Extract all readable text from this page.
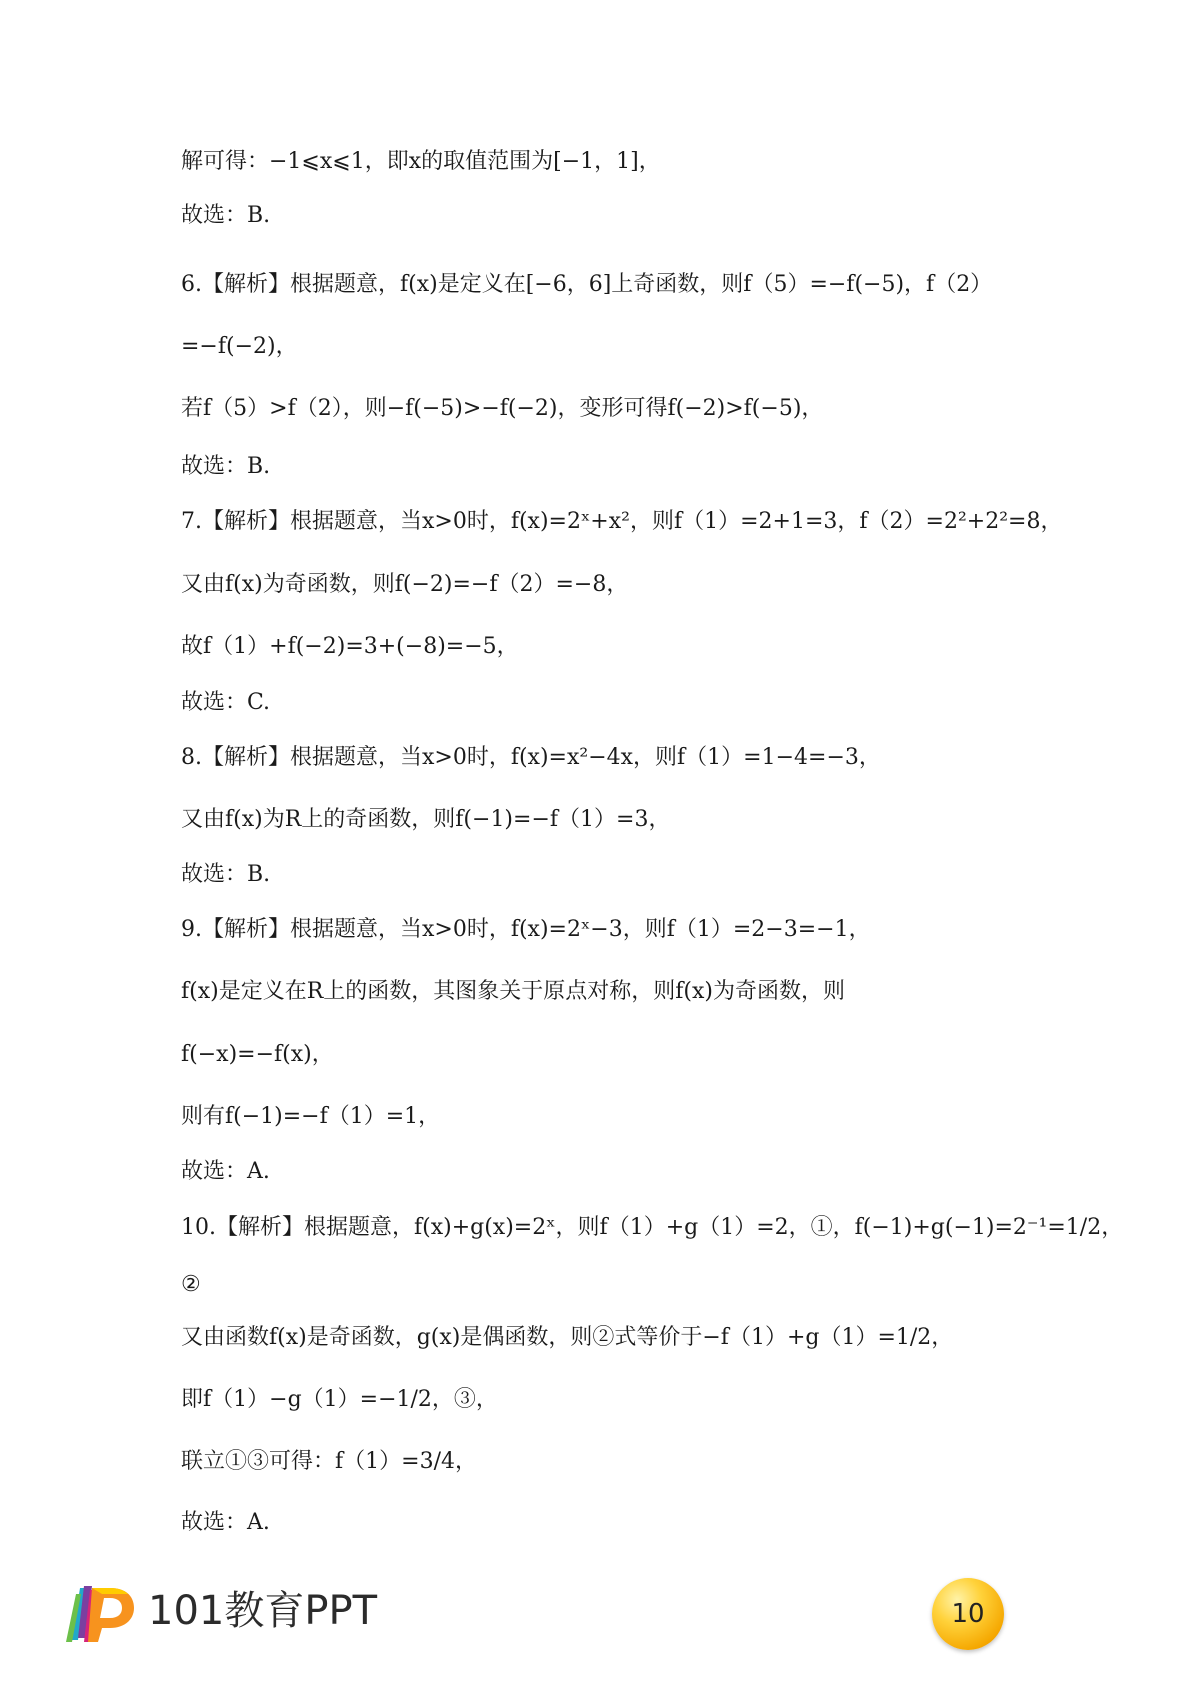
解可得：−1⩽x⩽1，即x的取值范围为[−1，1]，
故选：B.
6.【解析】根据题意，f(x)是定义在[−6，6]上奇函数，则f（5）=−f(−5)，f（2）
=−f(−2)，
若f（5）>f（2），则−f(−5)>−f(−2)，变形可得f(−2)>f(−5)，
故选：B.
7.【解析】根据题意，当x>0时，f(x)=2ˣ+x²，则f（1）=2+1=3，f（2）=2²+2²=8，
又由f(x)为奇函数，则f(−2)=−f（2）=−8，
故f（1）+f(−2)=3+(−8)=−5，
故选：C.
8.【解析】根据题意，当x>0时，f(x)=x²−4x，则f（1）=1−4=−3，
又由f(x)为R上的奇函数，则f(−1)=−f（1）=3，
故选：B.
9.【解析】根据题意，当x>0时，f(x)=2ˣ−3，则f（1）=2−3=−1，
f(x)是定义在R上的函数，其图象关于原点对称，则f(x)为奇函数，则
f(−x)=−f(x)，
则有f(−1)=−f（1）=1，
故选：A.
10.【解析】根据题意，f(x)+g(x)=2ˣ，则f（1）+g（1）=2，①，f(−1)+g(−1)=2⁻¹=1/2，
②
又由函数f(x)是奇函数，g(x)是偶函数，则②式等价于−f（1）+g（1）=1/2，
即f（1）−g（1）=−1/2，③，
联立①③可得：f（1）=3/4，
故选：A.
101教育PPT	10
